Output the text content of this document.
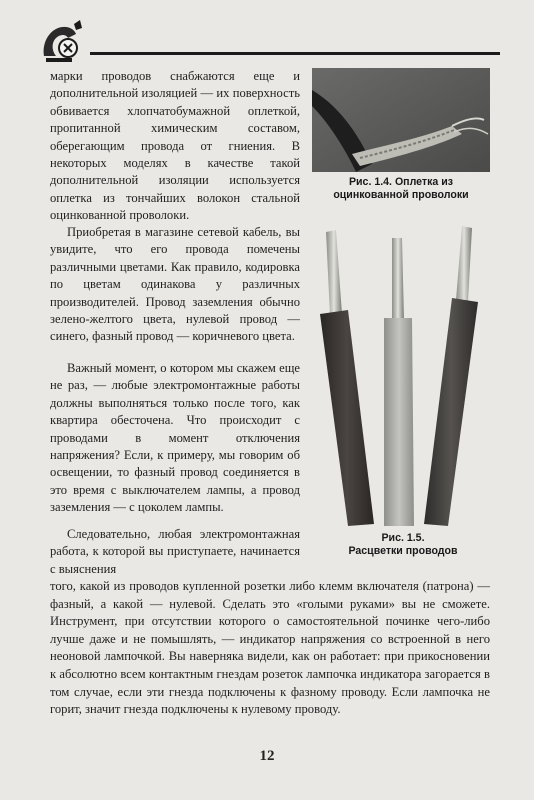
марки проводов снабжаются еще и дополнительной изоляцией — их поверхность обвивается хлопчатобумажной оплеткой, пропитанной химическим составом, оберегающим провода от гниения. В некоторых моделях в качестве такой дополнительной изоляции используется оплетка из тончайших волокон стальной оцинкованной проволоки.

Приобретая в магазине сетевой кабель, вы увидите, что его провода помечены различными цветами. Как правило, кодировка по цветам одинакова у различных производителей. Провод заземления обычно зелено-желтого цвета, нулевой провод — синего, фазный провод — коричневого цвета.

Важный момент, о котором мы скажем еще не раз, — любые электромонтажные работы должны выполняться только после того, как квартира обесточена. Что происходит с проводами в момент отключения напряжения? Если, к примеру, мы говорим об освещении, то фазный провод соединяется в это время с выключателем лампы, а провод заземления — с цоколем лампы.

Следовательно, любая электромонтажная работа, к которой вы приступаете, начинается с выяснения

того, какой из проводов купленной розетки либо клемм включателя (патрона) — фазный, а какой — нулевой. Сделать это «голыми руками» вы не сможете. Инструмент, при отсутствии которого о самостоятельной починке чего-либо лучше даже и не помышлять, — индикатор напряжения со встроенной в него неоновой лампочкой. Вы наверняка видели, как он работает: при прикосновении к абсолютно всем контактным гнездам розеток лампочка индикатора загорается в том случае, если эти гнезда подключены к фазному проводу. Если лампочка не горит, значит гнезда подключены к нулевому проводу.

Рис. 1.4. Оплетка из
оцинкованной проволоки
Рис. 1.5.
Расцветки проводов
12
